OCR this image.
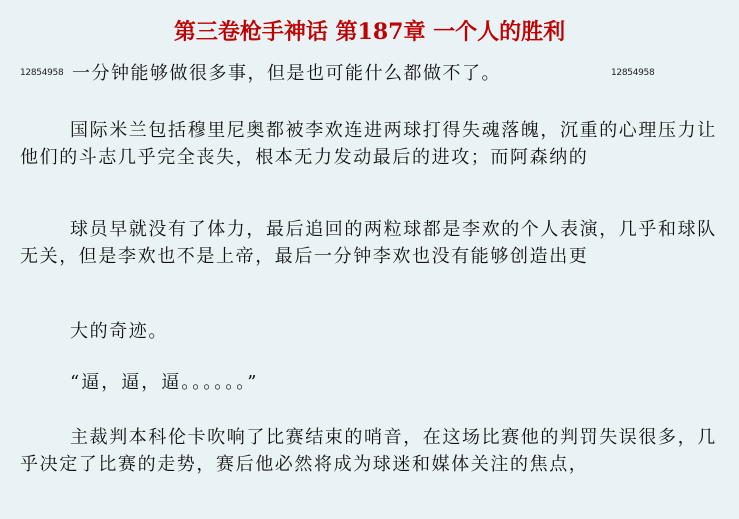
第三卷枪手神话 第187章 一个人的胜利
12854958 一分钟能够做很多事，但是也可能什么都做不了。	12854958

国际米兰包括穆里尼奥都被李欢连进两球打得失魂落魄，沉重的心理压力让他们的斗志几乎完全丧失，根本无力发动最后的进攻；而阿森纳的

球员早就没有了体力，最后追回的两粒球都是李欢的个人表演，几乎和球队无关，但是李欢也不是上帝，最后一分钟李欢也没有能够创造出更

大的奇迹。

“逼，逼，逼。。。。。。”

主裁判本科伦卡吹响了比赛结束的哨音，在这场比赛他的判罚失误很多，几乎决定了比赛的走势，赛后他必然将成为球迷和媒体关注的焦点，
